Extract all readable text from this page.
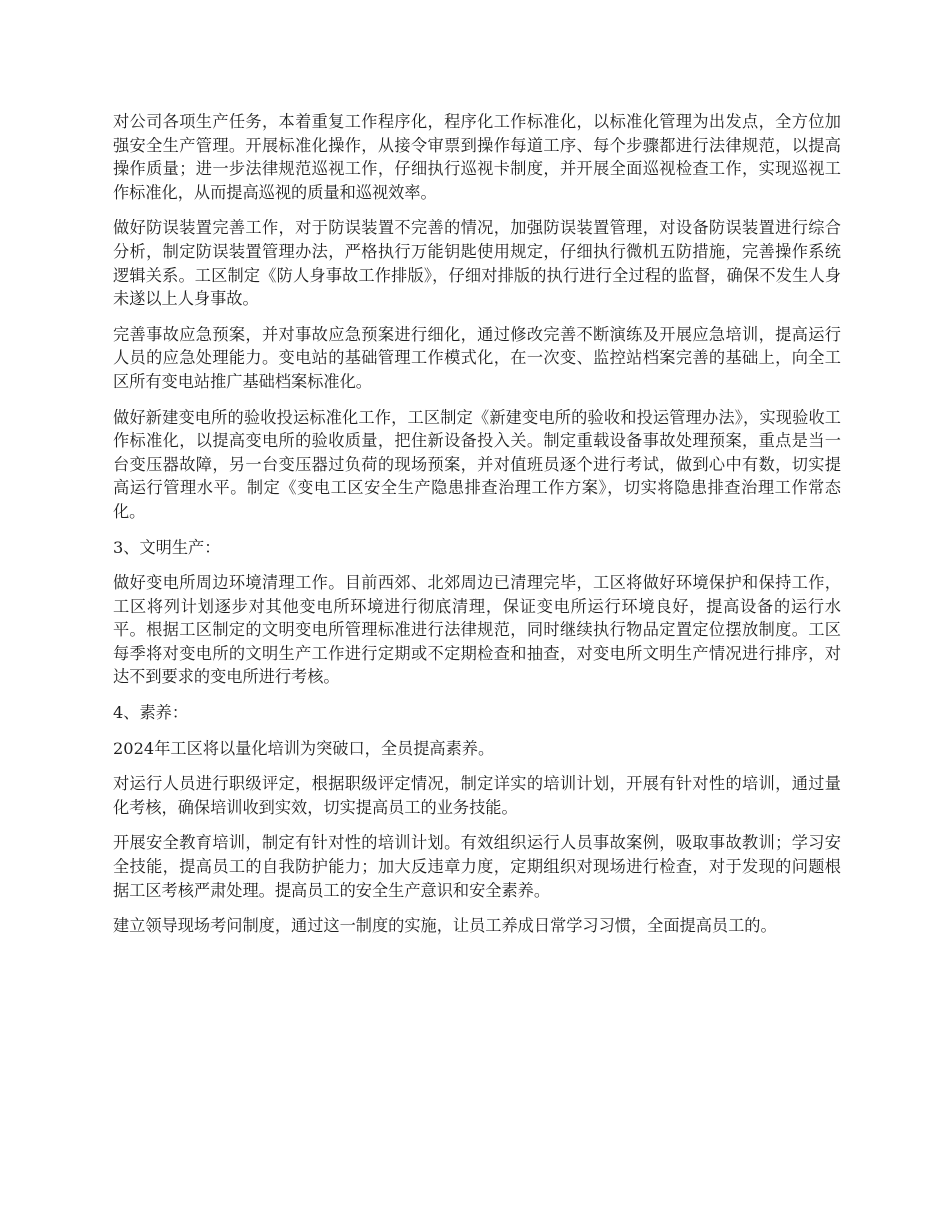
对公司各项生产任务，本着重复工作程序化，程序化工作标准化，以标准化管理为出发点，全方位加强安全生产管理。开展标准化操作，从接令审票到操作每道工序、每个步骤都进行法律规范，以提高操作质量；进一步法律规范巡视工作，仔细执行巡视卡制度，并开展全面巡视检查工作，实现巡视工作标准化，从而提高巡视的质量和巡视效率。

做好防误装置完善工作，对于防误装置不完善的情况，加强防误装置管理，对设备防误装置进行综合分析，制定防误装置管理办法，严格执行万能钥匙使用规定，仔细执行微机五防措施，完善操作系统逻辑关系。工区制定《防人身事故工作排版》，仔细对排版的执行进行全过程的监督，确保不发生人身未遂以上人身事故。

完善事故应急预案，并对事故应急预案进行细化，通过修改完善不断演练及开展应急培训，提高运行人员的应急处理能力。变电站的基础管理工作模式化，在一次变、监控站档案完善的基础上，向全工区所有变电站推广基础档案标准化。

做好新建变电所的验收投运标准化工作，工区制定《新建变电所的验收和投运管理办法》，实现验收工作标准化，以提高变电所的验收质量，把住新设备投入关。制定重载设备事故处理预案，重点是当一台变压器故障，另一台变压器过负荷的现场预案，并对值班员逐个进行考试，做到心中有数，切实提高运行管理水平。制定《变电工区安全生产隐患排查治理工作方案》，切实将隐患排查治理工作常态化。

3、文明生产：

做好变电所周边环境清理工作。目前西郊、北郊周边已清理完毕，工区将做好环境保护和保持工作，工区将列计划逐步对其他变电所环境进行彻底清理，保证变电所运行环境良好，提高设备的运行水平。根据工区制定的文明变电所管理标准进行法律规范，同时继续执行物品定置定位摆放制度。工区每季将对变电所的文明生产工作进行定期或不定期检查和抽查，对变电所文明生产情况进行排序，对达不到要求的变电所进行考核。

4、素养：

2024年工区将以量化培训为突破口，全员提高素养。

对运行人员进行职级评定，根据职级评定情况，制定详实的培训计划，开展有针对性的培训，通过量化考核，确保培训收到实效，切实提高员工的业务技能。

开展安全教育培训，制定有针对性的培训计划。有效组织运行人员事故案例，吸取事故教训；学习安全技能，提高员工的自我防护能力；加大反违章力度，定期组织对现场进行检查，对于发现的问题根据工区考核严肃处理。提高员工的安全生产意识和安全素养。

建立领导现场考问制度，通过这一制度的实施，让员工养成日常学习习惯，全面提高员工的。
